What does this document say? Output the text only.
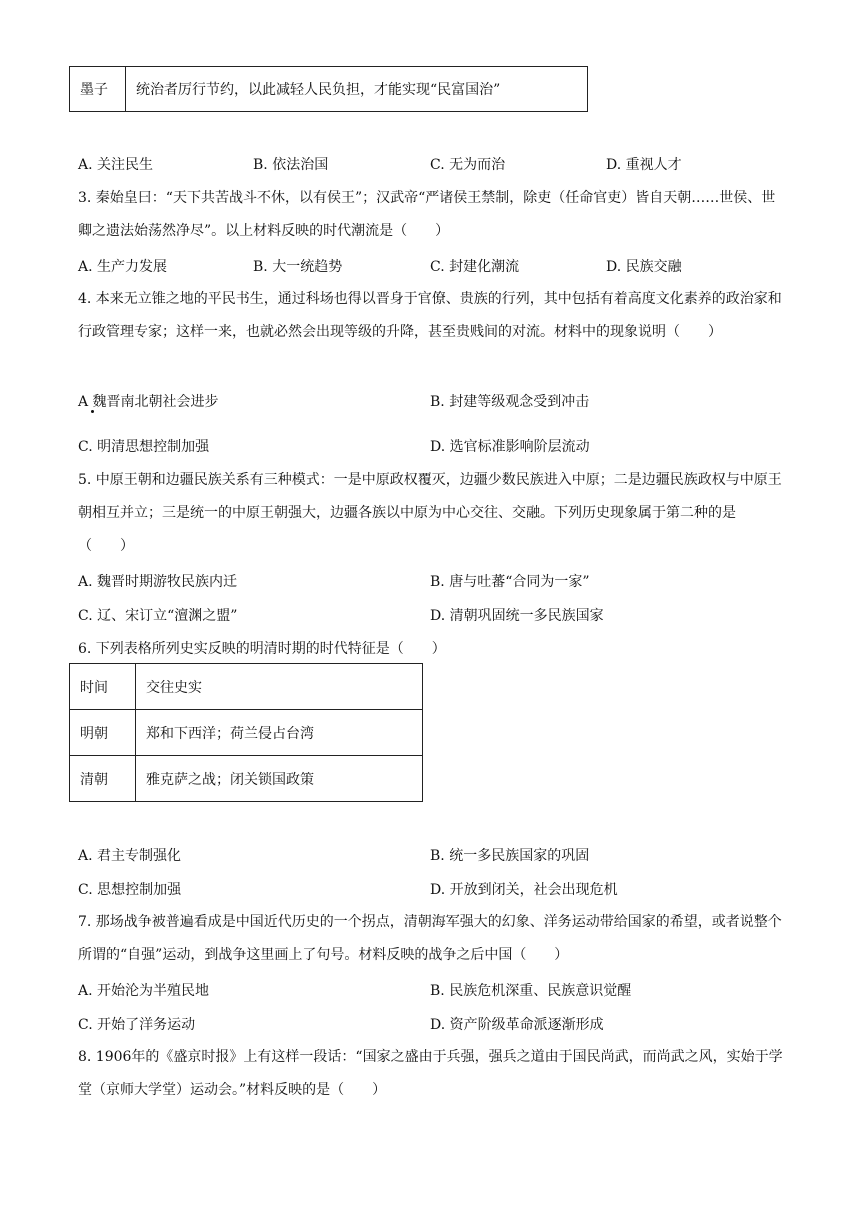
墨子	统治者厉行节约，以此减轻人民负担，才能实现“民富国治”
A. 关注民生	B. 依法治国	C. 无为而治	D. 重视人才
3. 秦始皇曰：“天下共苦战斗不休，以有侯王”；汉武帝“严诸侯王禁制，除吏（任命官吏）皆自天朝……世侯、世卿之遗法始荡然净尽”。以上材料反映的时代潮流是（　　）
A. 生产力发展	B. 大一统趋势	C. 封建化潮流	D. 民族交融
4. 本来无立锥之地的平民书生，通过科场也得以晋身于官僚、贵族的行列，其中包括有着高度文化素养的政治家和行政管理专家；这样一来，也就必然会出现等级的升降，甚至贵贱间的对流。材料中的现象说明（　　）
A 魏晋南北朝社会进步	B. 封建等级观念受到冲击
C. 明清思想控制加强	D. 选官标准影响阶层流动
5. 中原王朝和边疆民族关系有三种模式：一是中原政权覆灭，边疆少数民族进入中原；二是边疆民族政权与中原王朝相互并立；三是统一的中原王朝强大，边疆各族以中原为中心交往、交融。下列历史现象属于第二种的是（　　）
A. 魏晋时期游牧民族内迁	B. 唐与吐蕃“合同为一家”
C. 辽、宋订立“澶渊之盟”	D. 清朝巩固统一多民族国家
6. 下列表格所列史实反映的明清时期的时代特征是（　　）
时间	交往史实
明朝	郑和下西洋；荷兰侵占台湾
清朝	雅克萨之战；闭关锁国政策
A. 君主专制强化	B. 统一多民族国家的巩固
C. 思想控制加强	D. 开放到闭关，社会出现危机
7. 那场战争被普遍看成是中国近代历史的一个拐点，清朝海军强大的幻象、洋务运动带给国家的希望，或者说整个所谓的“自强”运动，到战争这里画上了句号。材料反映的战争之后中国（　　）
A. 开始沦为半殖民地	B. 民族危机深重、民族意识觉醒
C. 开始了洋务运动	D. 资产阶级革命派逐渐形成
8. 1906年的《盛京时报》上有这样一段话：“国家之盛由于兵强，强兵之道由于国民尚武，而尚武之风，实始于学堂（京师大学堂）运动会。”材料反映的是（　　）
